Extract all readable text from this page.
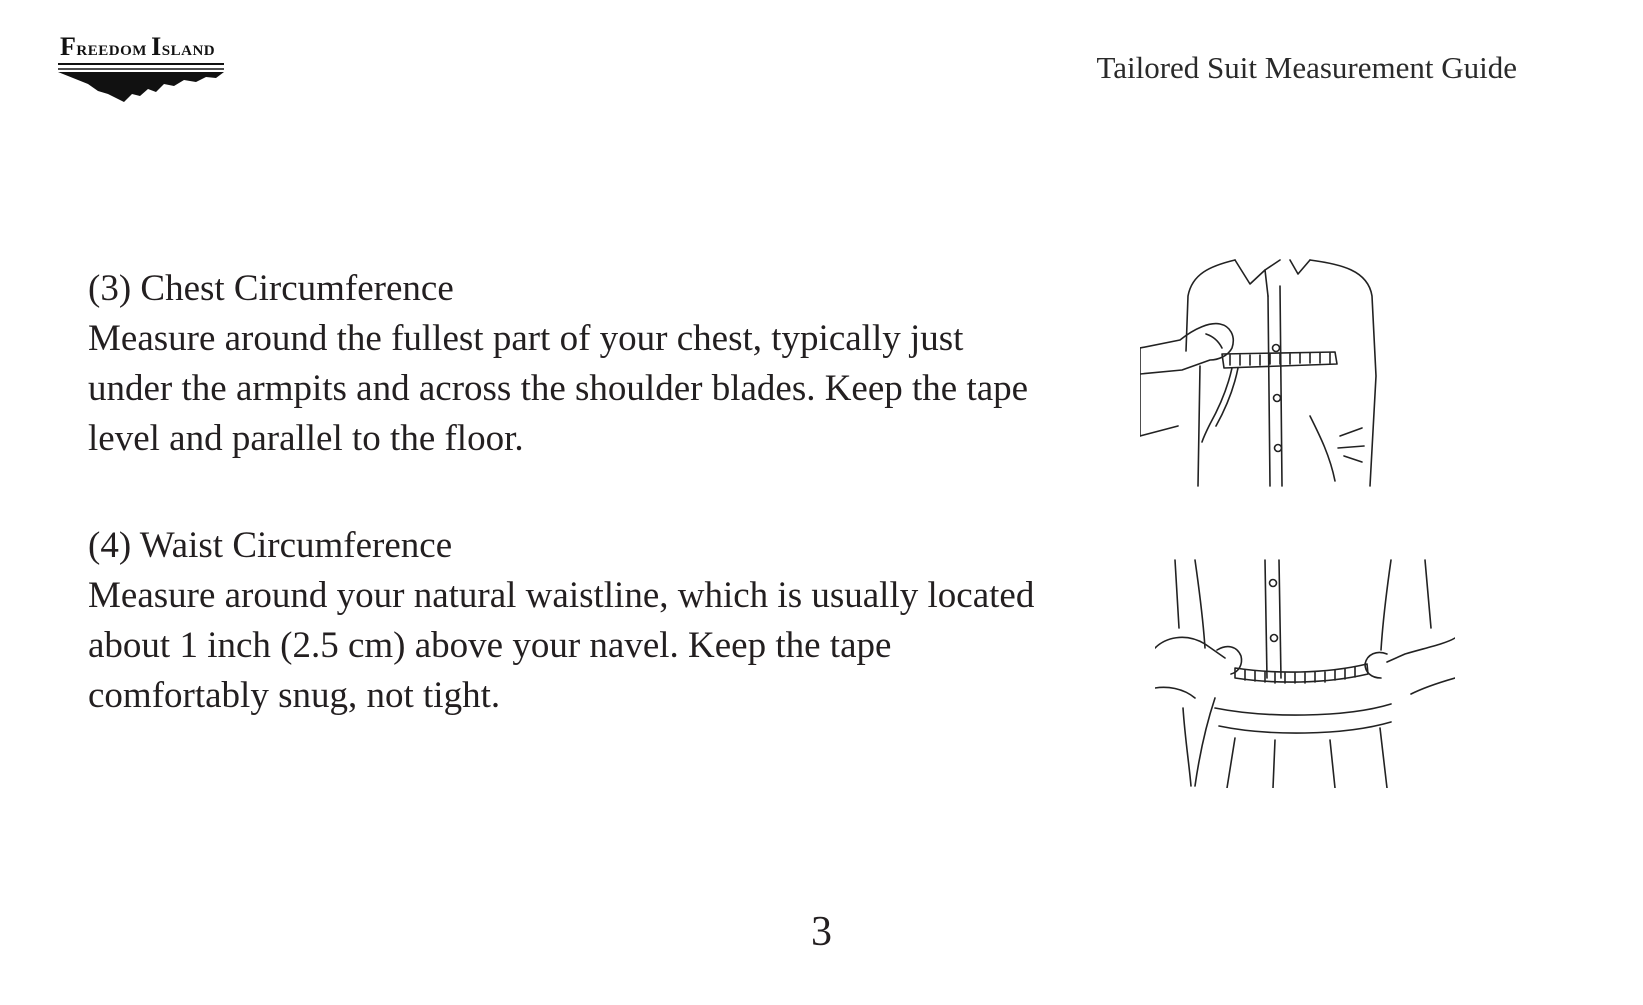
FREEDOM ISLAND	Tailored Suit Measurement Guide
(3) Chest Circumference

Measure around the fullest part of your chest, typically just under the armpits and across the shoulder blades. Keep the tape level and parallel to the floor.

(4) Waist Circumference

Measure around your natural waistline, which is usually located about 1 inch (2.5 cm) above your navel. Keep the tape comfortably snug, not tight.

3
